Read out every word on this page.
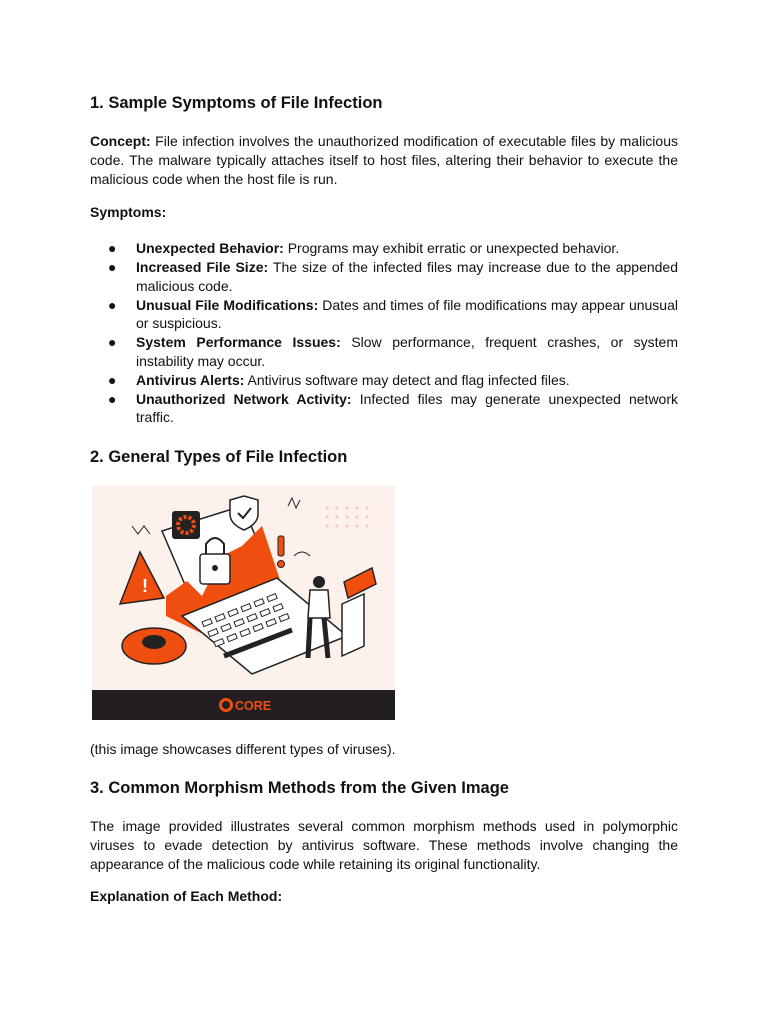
1. Sample Symptoms of File Infection

Concept: File infection involves the unauthorized modification of executable files by malicious code. The malware typically attaches itself to host files, altering their behavior to execute the malicious code when the host file is run.

Symptoms:

● Unexpected Behavior: Programs may exhibit erratic or unexpected behavior.
● Increased File Size: The size of the infected files may increase due to the appended malicious code.
● Unusual File Modifications: Dates and times of file modifications may appear unusual or suspicious.
● System Performance Issues: Slow performance, frequent crashes, or system instability may occur.
● Antivirus Alerts: Antivirus software may detect and flag infected files.
● Unauthorized Network Activity: Infected files may generate unexpected network traffic.
2. General Types of File Infection
!
CORE
(this image showcases different types of viruses).
3. Common Morphism Methods from the Given Image

The image provided illustrates several common morphism methods used in polymorphic viruses to evade detection by antivirus software. These methods involve changing the appearance of the malicious code while retaining its original functionality.

Explanation of Each Method:
